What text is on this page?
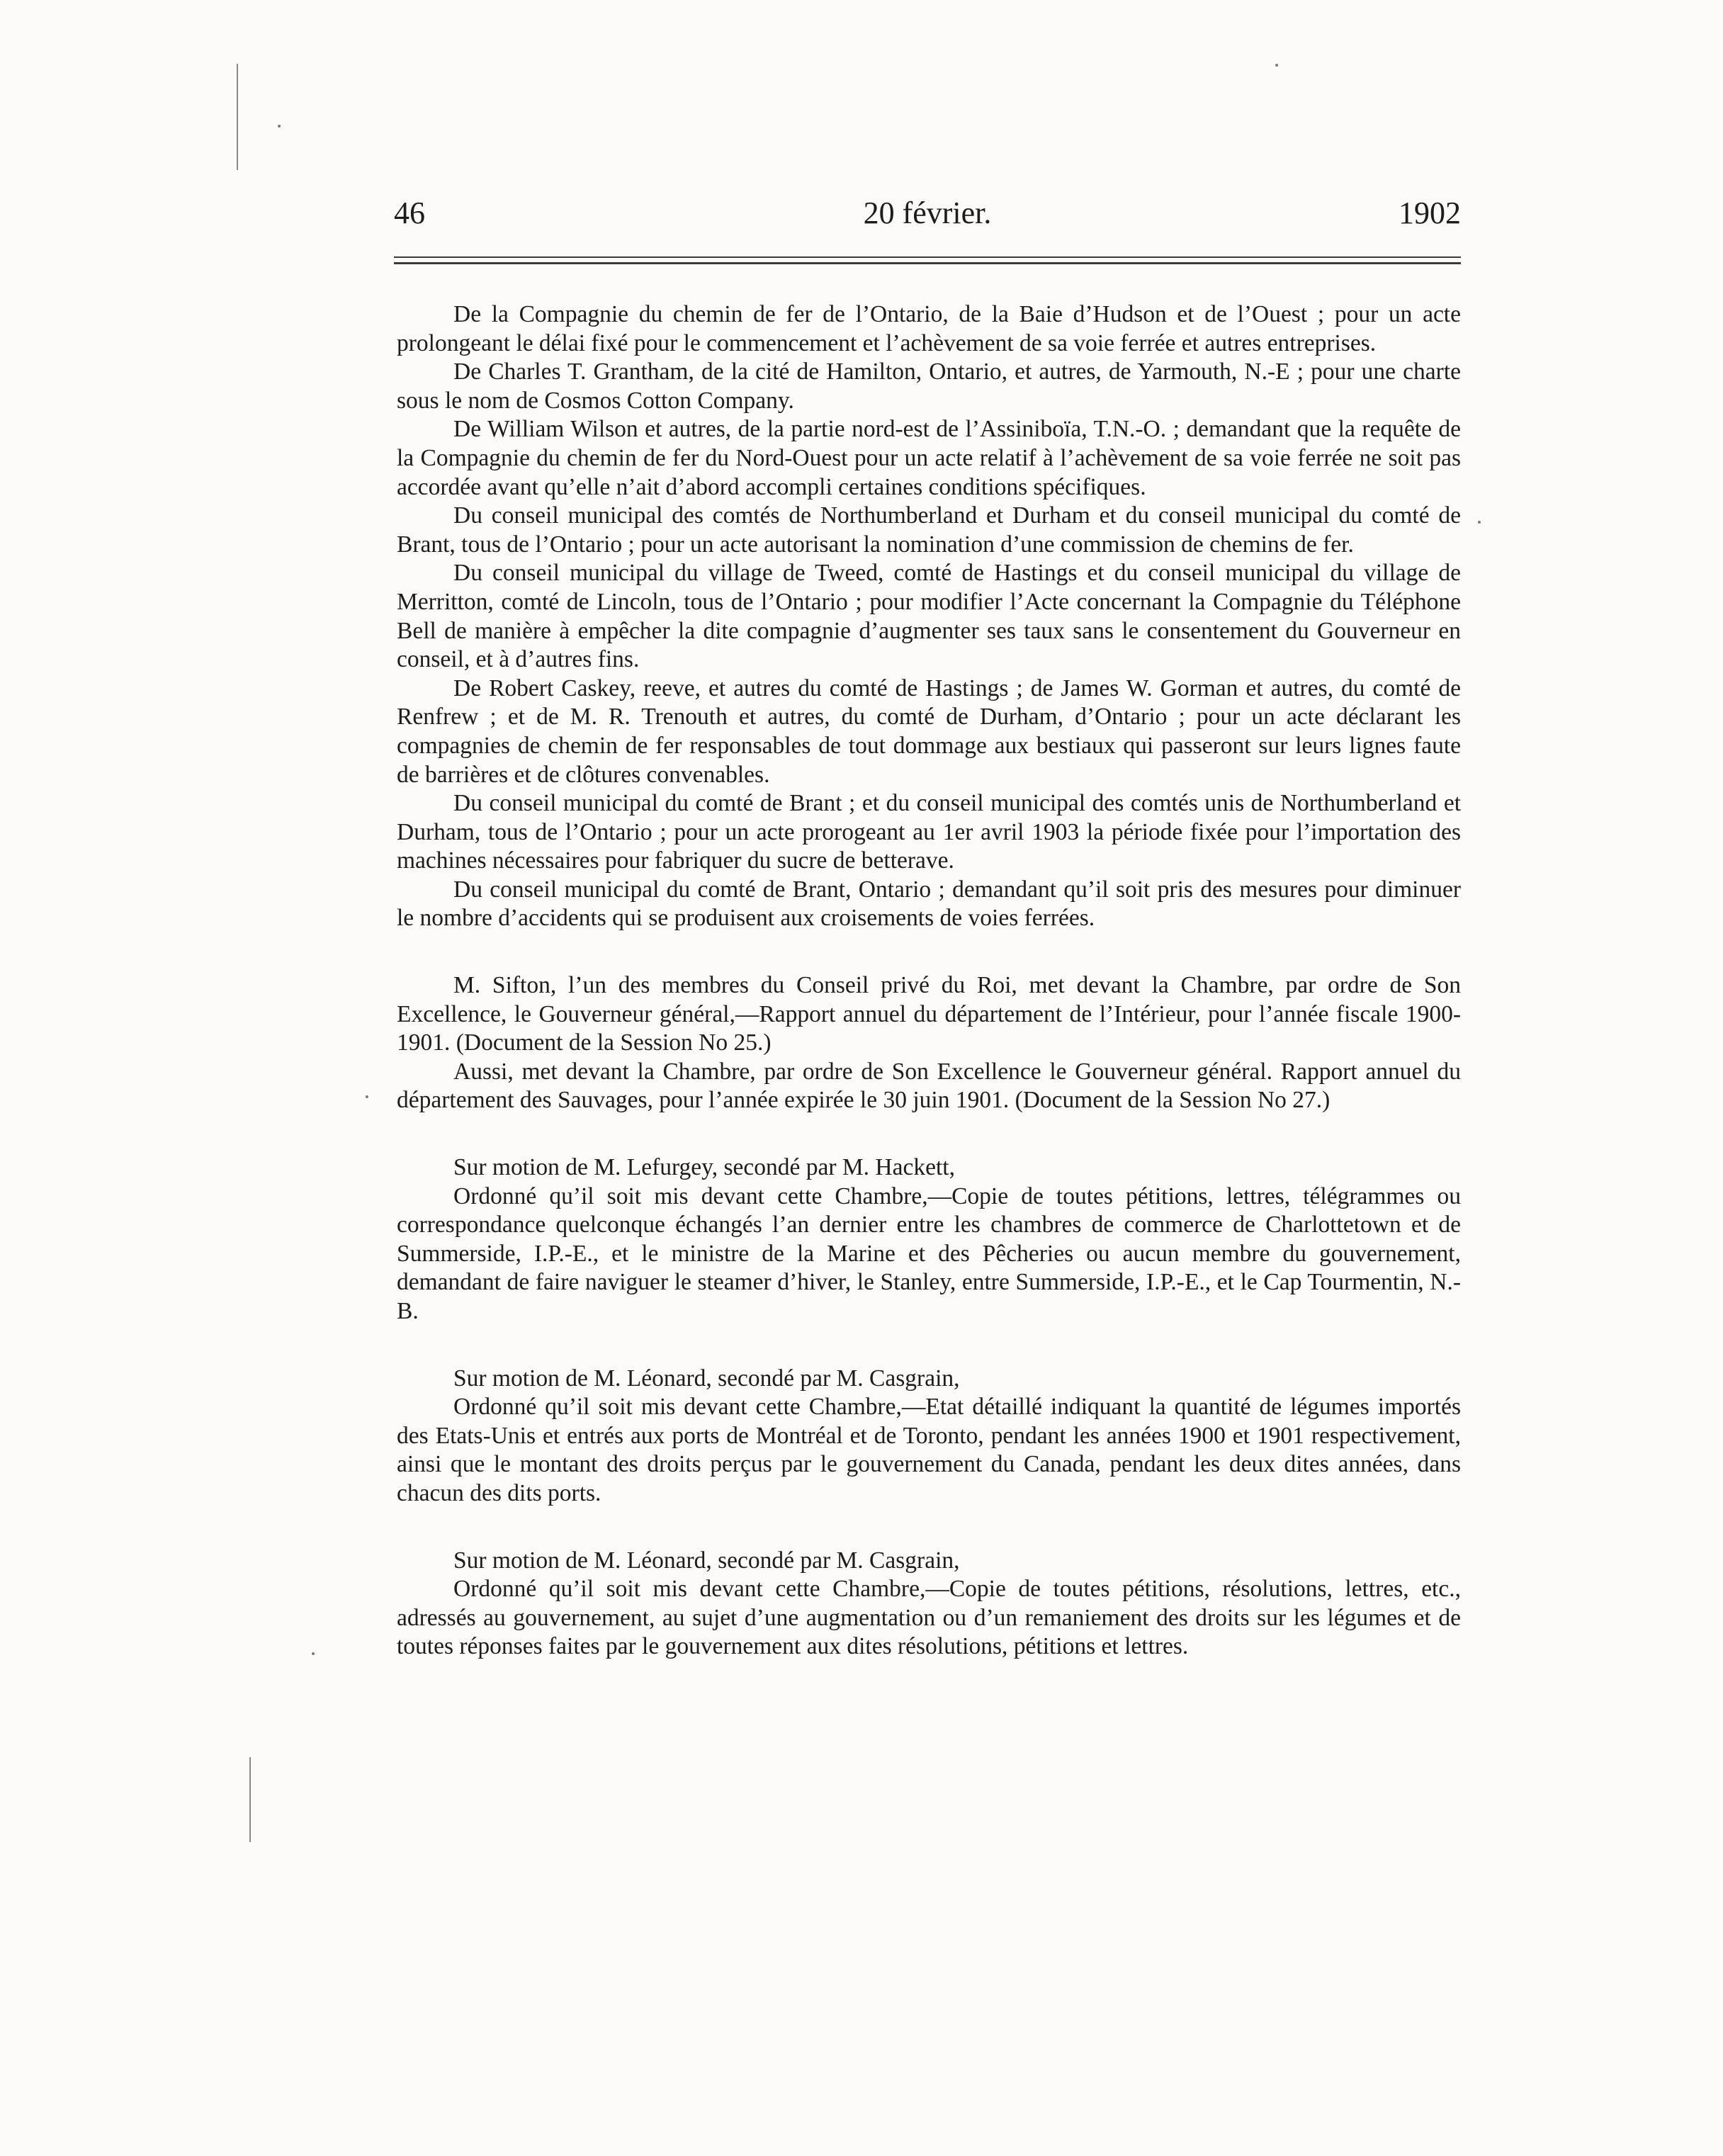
46	20 février.	1902

De la Compagnie du chemin de fer de l’Ontario, de la Baie d’Hudson et de l’Ouest ; pour un acte prolongeant le délai fixé pour le commencement et l’achèvement de sa voie ferrée et autres entreprises.

De Charles T. Grantham, de la cité de Hamilton, Ontario, et autres, de Yarmouth, N.-E ; pour une charte sous le nom de Cosmos Cotton Company.

De William Wilson et autres, de la partie nord-est de l’Assiniboïa, T.N.-O. ; demandant que la requête de la Compagnie du chemin de fer du Nord-Ouest pour un acte relatif à l’achèvement de sa voie ferrée ne soit pas accordée avant qu’elle n’ait d’abord accompli certaines conditions spécifiques.

Du conseil municipal des comtés de Northumberland et Durham et du conseil municipal du comté de Brant, tous de l’Ontario ; pour un acte autorisant la nomination d’une commission de chemins de fer.

Du conseil municipal du village de Tweed, comté de Hastings et du conseil municipal du village de Merritton, comté de Lincoln, tous de l’Ontario ; pour modifier l’Acte concernant la Compagnie du Téléphone Bell de manière à empêcher la dite compagnie d’augmenter ses taux sans le consentement du Gouverneur en conseil, et à d’autres fins.

De Robert Caskey, reeve, et autres du comté de Hastings ; de James W. Gorman et autres, du comté de Renfrew ; et de M. R. Trenouth et autres, du comté de Durham, d’Ontario ; pour un acte déclarant les compagnies de chemin de fer responsables de tout dommage aux bestiaux qui passeront sur leurs lignes faute de barrières et de clôtures convenables.

Du conseil municipal du comté de Brant ; et du conseil municipal des comtés unis de Northumberland et Durham, tous de l’Ontario ; pour un acte prorogeant au 1er avril 1903 la période fixée pour l’importation des machines nécessaires pour fabriquer du sucre de betterave.

Du conseil municipal du comté de Brant, Ontario ; demandant qu’il soit pris des mesures pour diminuer le nombre d’accidents qui se produisent aux croisements de voies ferrées.

M. Sifton, l’un des membres du Conseil privé du Roi, met devant la Chambre, par ordre de Son Excellence, le Gouverneur général,—Rapport annuel du département de l’Intérieur, pour l’année fiscale 1900-1901. (Document de la Session No 25.)

Aussi, met devant la Chambre, par ordre de Son Excellence le Gouverneur général. Rapport annuel du département des Sauvages, pour l’année expirée le 30 juin 1901. (Document de la Session No 27.)

Sur motion de M. Lefurgey, secondé par M. Hackett,

Ordonné qu’il soit mis devant cette Chambre,—Copie de toutes pétitions, lettres, télégrammes ou correspondance quelconque échangés l’an dernier entre les chambres de commerce de Charlottetown et de Summerside, I.P.-E., et le ministre de la Marine et des Pêcheries ou aucun membre du gouvernement, demandant de faire naviguer le steamer d’hiver, le Stanley, entre Summerside, I.P.-E., et le Cap Tourmentin, N.-B.

Sur motion de M. Léonard, secondé par M. Casgrain,

Ordonné qu’il soit mis devant cette Chambre,—Etat détaillé indiquant la quantité de légumes importés des Etats-Unis et entrés aux ports de Montréal et de Toronto, pendant les années 1900 et 1901 respectivement, ainsi que le montant des droits perçus par le gouvernement du Canada, pendant les deux dites années, dans chacun des dits ports.

Sur motion de M. Léonard, secondé par M. Casgrain,

Ordonné qu’il soit mis devant cette Chambre,—Copie de toutes pétitions, résolutions, lettres, etc., adressés au gouvernement, au sujet d’une augmentation ou d’un remaniement des droits sur les légumes et de toutes réponses faites par le gouvernement aux dites résolutions, pétitions et lettres.
